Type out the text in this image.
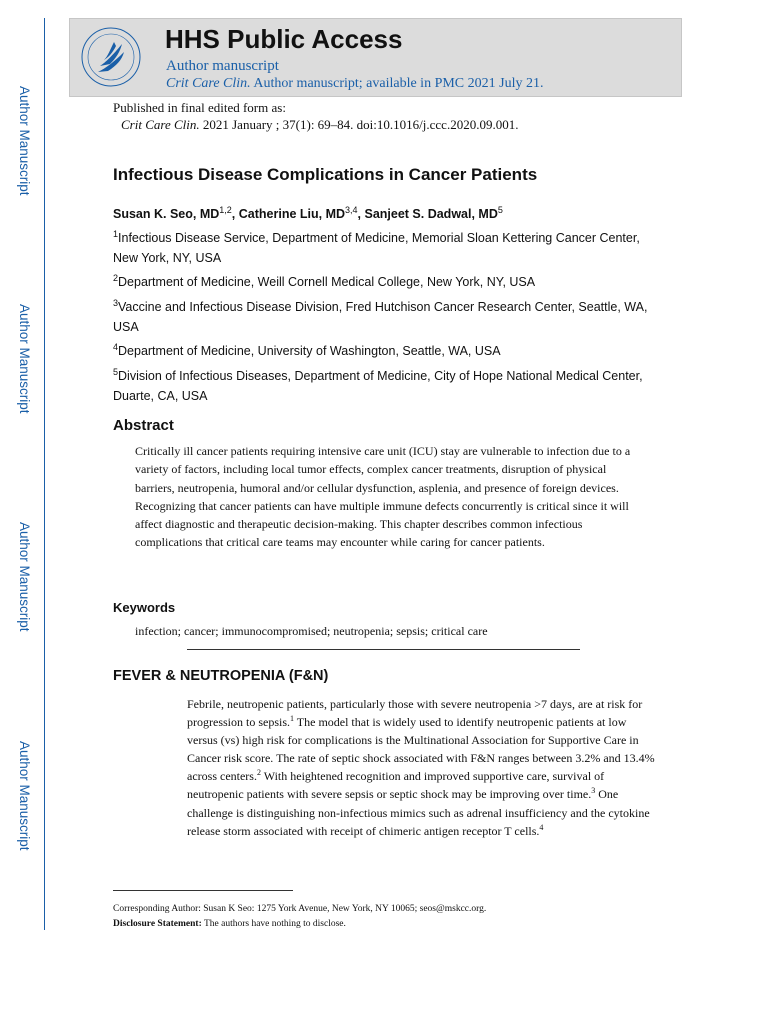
Author Manuscript
Author Manuscript
Author Manuscript
Author Manuscript
HHS Public Access
Author manuscript
Crit Care Clin. Author manuscript; available in PMC 2021 July 21.
Published in final edited form as:
Crit Care Clin. 2021 January ; 37(1): 69–84. doi:10.1016/j.ccc.2020.09.001.
Infectious Disease Complications in Cancer Patients
Susan K. Seo, MD$^{1,2}$, Catherine Liu, MD$^{3,4}$, Sanjeet S. Dadwal, $MD^5$
$^1$Infectious Disease Service, Department of Medicine, Memorial Sloan Kettering Cancer Center, New York, NY, USA
$^2$Department of Medicine, Weill Cornell Medical College, New York, NY, USA
$^3$Vaccine and Infectious Disease Division, Fred Hutchison Cancer Research Center, Seattle, WA, USA
$^4$Department of Medicine, University of Washington, Seattle, WA, USA
$^5$Division of Infectious Diseases, Department of Medicine, City of Hope National Medical Center, Duarte, CA, USA
Abstract
Critically ill cancer patients requiring intensive care unit (ICU) stay are vulnerable to infection due to a variety of factors, including local tumor effects, complex cancer treatments, disruption of physical barriers, neutropenia, humoral and/or cellular dysfunction, asplenia, and presence of foreign devices. Recognizing that cancer patients can have multiple immune defects concurrently is critical since it will affect diagnostic and therapeutic decision-making. This chapter describes common infectious complications that critical care teams may encounter while caring for cancer patients.
Keywords
infection; cancer; immunocompromised; neutropenia; sepsis; critical care
FEVER & NEUTROPENIA (F&N)
Febrile, neutropenic patients, particularly those with severe neutropenia >7 days, are at risk for progression to sepsis.$^1$ The model that is widely used to identify neutropenic patients at low versus (vs) high risk for complications is the Multinational Association for Supportive Care in Cancer risk score. The rate of septic shock associated with F&N ranges between 3.2% and 13.4% across centers.$^2$ With heightened recognition and improved supportive care, survival of neutropenic patients with severe sepsis or septic shock may be improving over time.$^3$ One challenge is distinguishing non-infectious mimics such as adrenal insufficiency and the cytokine release storm associated with receipt of chimeric antigen receptor T cells.$^4$
Corresponding Author: Susan K Seo: 1275 York Avenue, New York, NY 10065; seos@mskcc.org.
Disclosure Statement: The authors have nothing to disclose.
